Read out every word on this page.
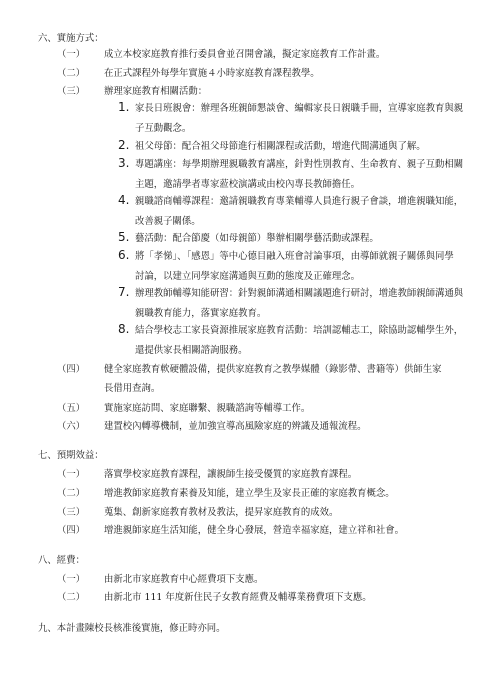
六、實施方式：
（一） 成立本校家庭教育推行委員會並召開會議，擬定家庭教育工作計畫。
（二） 在正式課程外每學年實施４小時家庭教育課程教學。
（三） 辦理家庭教育相關活動：
1. 家長日班親會：辦理各班親師懇談會、編輯家長日親職手冊，宣導家庭教育與親
子互動觀念。
2. 祖父母節：配合祖父母節進行相關課程或活動，增進代間溝通與了解。
3. 專題講座：每學期辦理親職教育講座，針對性別教育、生命教育、親子互動相關
主題，邀請學者專家蒞校演講或由校內專長教師擔任。
4. 親職諮商輔導課程：邀請親職教育專業輔導人員進行親子會談，增進親職知能，
改善親子關係。
5. 藝活動：配合節慶（如母親節）舉辦相關學藝活動或課程。
6. 將「孝悌」、「感恩」等中心德目融入班會討論事項，由導師就親子關係與同學
討論，以建立同學家庭溝通與互動的態度及正確理念。
7. 辦理教師輔導知能研習：針對親師溝通相關議題進行研討，增進教師親師溝通與
親職教育能力，落實家庭教育。
8. 結合學校志工家長資源推展家庭教育活動：培訓認輔志工，除協助認輔學生外，
還提供家長相關諮詢服務。
（四） 健全家庭教育軟硬體設備，提供家庭教育之教學媒體（錄影帶、書籍等）供師生家
長借用查詢。
（五） 實施家庭訪問、家庭聯繫、親職諮詢等輔導工作。
（六） 建置校內轉導機制，並加強宣導高風險家庭的辨識及通報流程。
七、預期效益：
（一） 落實學校家庭教育課程，讓親師生接受優質的家庭教育課程。
（二） 增進教師家庭教育素養及知能，建立學生及家長正確的家庭教育概念。
（三） 蒐集、創新家庭教育教材及教法，提昇家庭教育的成效。
（四） 增進親師家庭生活知能，健全身心發展，營造幸福家庭，建立祥和社會。
八、經費：
（一） 由新北市家庭教育中心經費項下支應。
（二） 由新北市 111 年度新住民子女教育經費及輔導業務費項下支應。
九、本計畫陳校長核准後實施，修正時亦同。
